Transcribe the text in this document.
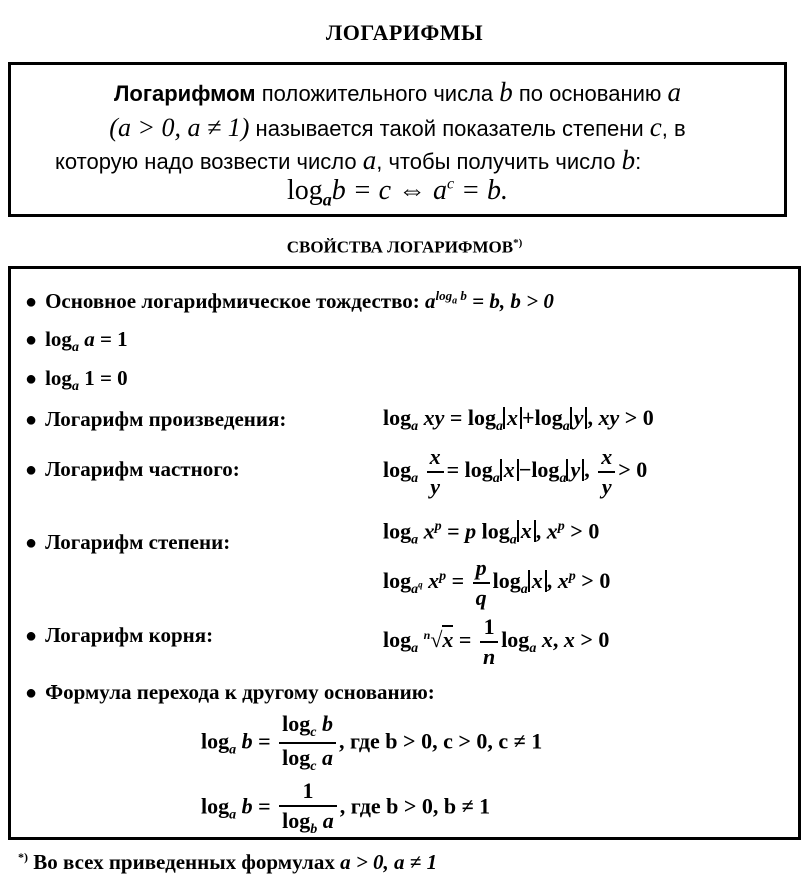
ЛОГАРИФМЫ
Логарифмом положительного числа b по основанию a
(a > 0, a ≠ 1) называется такой показатель степени c, в
которую надо возвести число a, чтобы получить число b:
$\log_ab = c$ ⇔ $a^c = b$.
СВОЙСТВА ЛОГАРИФМОВ*)
● Основное логарифмическое тождество: $a^{log_a b} = b$, b > 0
● $\log_a a = 1$
● $\log_a 1 = 0$
● Логарифм произведения:	$\log_a$ xy = $\log_a x +\log_a$ y , xy > 0
● Логарифм частного:	$\log_a \frac{x}{y} = \log_a x -\log_a$ y , $\frac{x}{y} > 0$
● Логарифм степени:	$\log_a x^p = p$ $\log_a x$ , $x^p > 0$
$\log_{a^q} x^p = \frac{p}{q} \log_a x$ , $x^p > 0$
● Логарифм корня:	$\log_a ^n√x = \frac{1}{n} \log_a x$, x > 0
● Формула перехода к другому основанию:
$\log_a b = \frac{\log_c b}{\log_c a}$ , где b > 0, c > 0, c ≠ 1
$\log_a b = \frac{1}{\log_b a}$ , где b > 0, b ≠ 1
*) Во всех приведенных формулах a > 0, a ≠ 1
